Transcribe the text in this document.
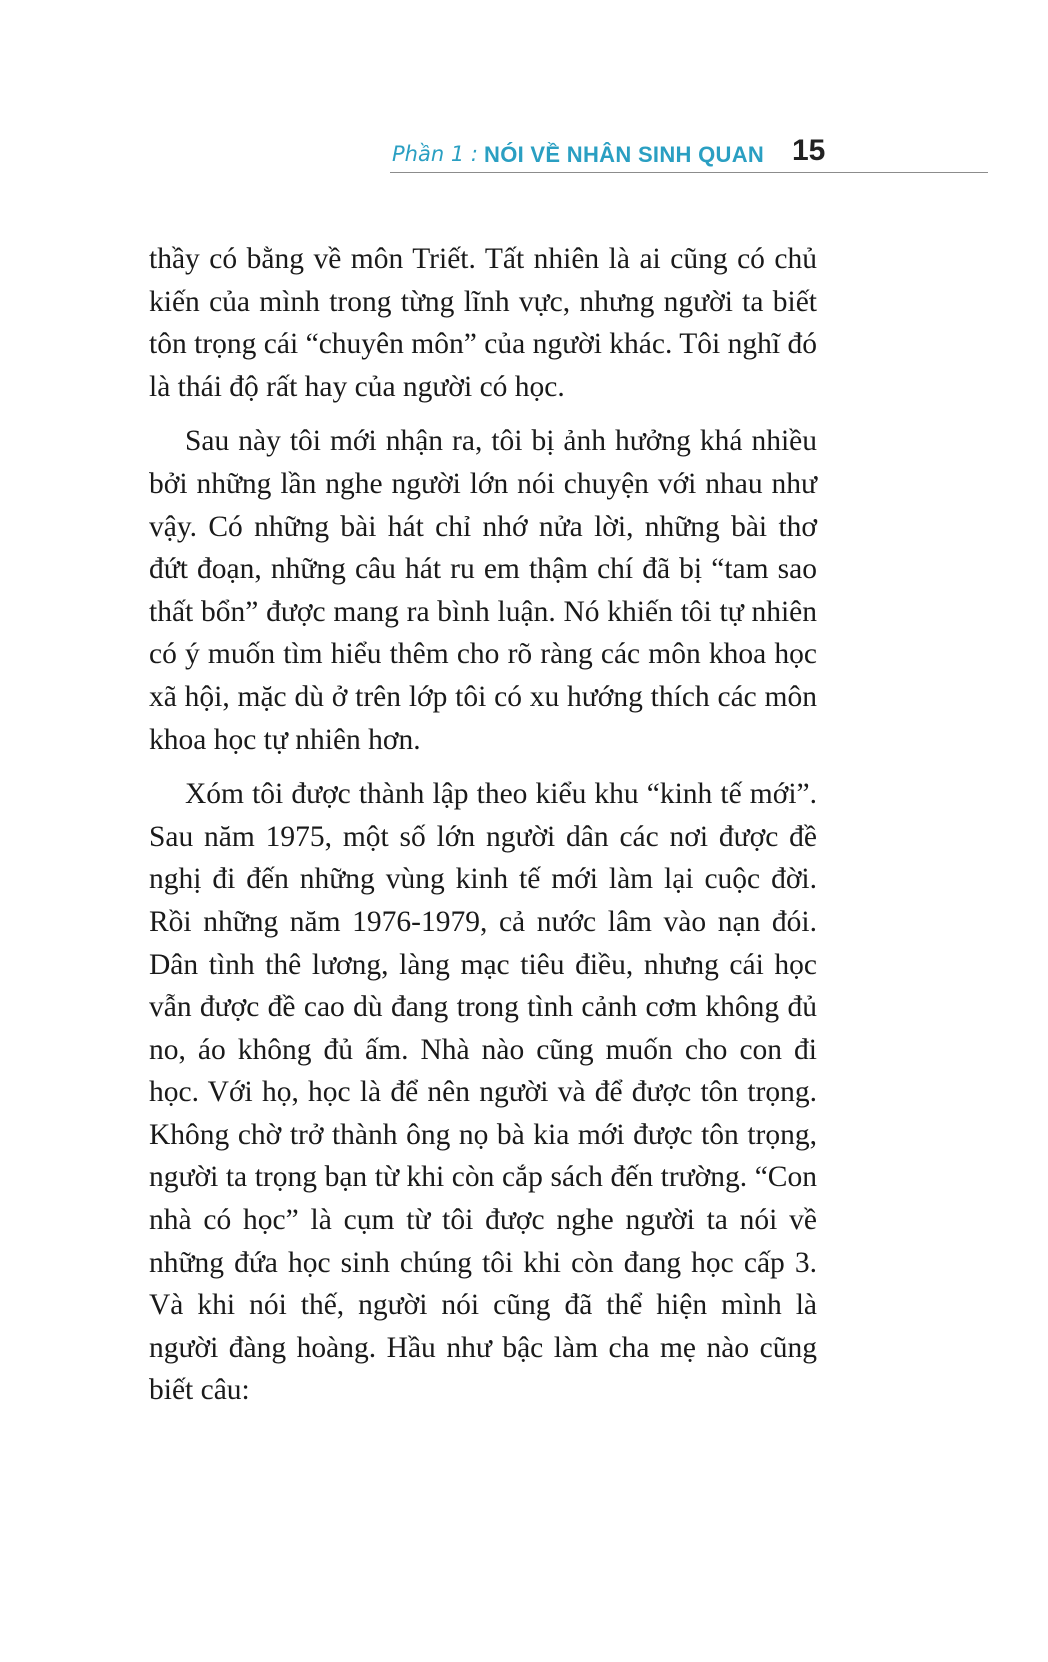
Phần 1 : NÓI VỀ NHÂN SINH QUAN 15

thầy có bằng về môn Triết. Tất nhiên là ai cũng có chủ kiến của mình trong từng lĩnh vực, nhưng người ta biết tôn trọng cái “chuyên môn” của người khác. Tôi nghĩ đó là thái độ rất hay của người có học.

Sau này tôi mới nhận ra, tôi bị ảnh hưởng khá nhiều bởi những lần nghe người lớn nói chuyện với nhau như vậy. Có những bài hát chỉ nhớ nửa lời, những bài thơ đứt đoạn, những câu hát ru em thậm chí đã bị “tam sao thất bổn” được mang ra bình luận. Nó khiến tôi tự nhiên có ý muốn tìm hiểu thêm cho rõ ràng các môn khoa học xã hội, mặc dù ở trên lớp tôi có xu hướng thích các môn khoa học tự nhiên hơn.

Xóm tôi được thành lập theo kiểu khu “kinh tế mới”. Sau năm 1975, một số lớn người dân các nơi được đề nghị đi đến những vùng kinh tế mới làm lại cuộc đời. Rồi những năm 1976-1979, cả nước lâm vào nạn đói. Dân tình thê lương, làng mạc tiêu điều, nhưng cái học vẫn được đề cao dù đang trong tình cảnh cơm không đủ no, áo không đủ ấm. Nhà nào cũng muốn cho con đi học. Với họ, học là để nên người và để được tôn trọng. Không chờ trở thành ông nọ bà kia mới được tôn trọng, người ta trọng bạn từ khi còn cắp sách đến trường. “Con nhà có học” là cụm từ tôi được nghe người ta nói về những đứa học sinh chúng tôi khi còn đang học cấp 3. Và khi nói thế, người nói cũng đã thể hiện mình là người đàng hoàng. Hầu như bậc làm cha mẹ nào cũng biết câu:
